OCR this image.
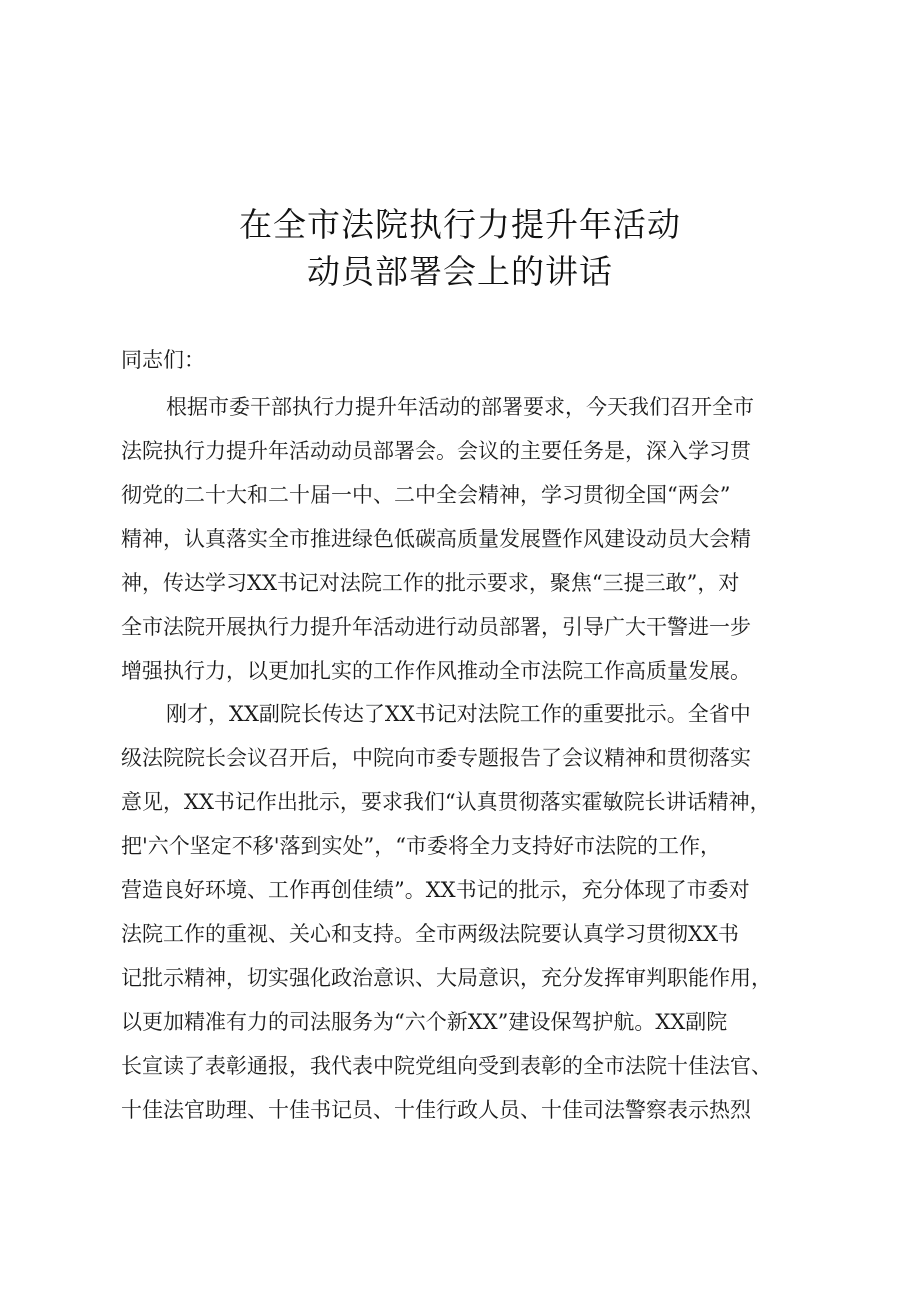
在全市法院执行力提升年活动
动员部署会上的讲话
同志们：
根据市委干部执行力提升年活动的部署要求，今天我们召开全市
法院执行力提升年活动动员部署会。会议的主要任务是，深入学习贯
彻党的二十大和二十届一中、二中全会精神，学习贯彻全国“两会”
精神，认真落实全市推进绿色低碳高质量发展暨作风建设动员大会精
神，传达学习XX书记对法院工作的批示要求，聚焦“三提三敢”，对
全市法院开展执行力提升年活动进行动员部署，引导广大干警进一步
增强执行力，以更加扎实的工作作风推动全市法院工作高质量发展。
刚才，XX副院长传达了XX书记对法院工作的重要批示。全省中
级法院院长会议召开后，中院向市委专题报告了会议精神和贯彻落实
意见，XX书记作出批示，要求我们“认真贯彻落实霍敏院长讲话精神，
把'六个坚定不移'落到实处”，“市委将全力支持好市法院的工作，
营造良好环境、工作再创佳绩”。XX书记的批示，充分体现了市委对
法院工作的重视、关心和支持。全市两级法院要认真学习贯彻XX书
记批示精神，切实强化政治意识、大局意识，充分发挥审判职能作用，
以更加精准有力的司法服务为“六个新XX”建设保驾护航。XX副院
长宣读了表彰通报，我代表中院党组向受到表彰的全市法院十佳法官、
十佳法官助理、十佳书记员、十佳行政人员、十佳司法警察表示热烈
